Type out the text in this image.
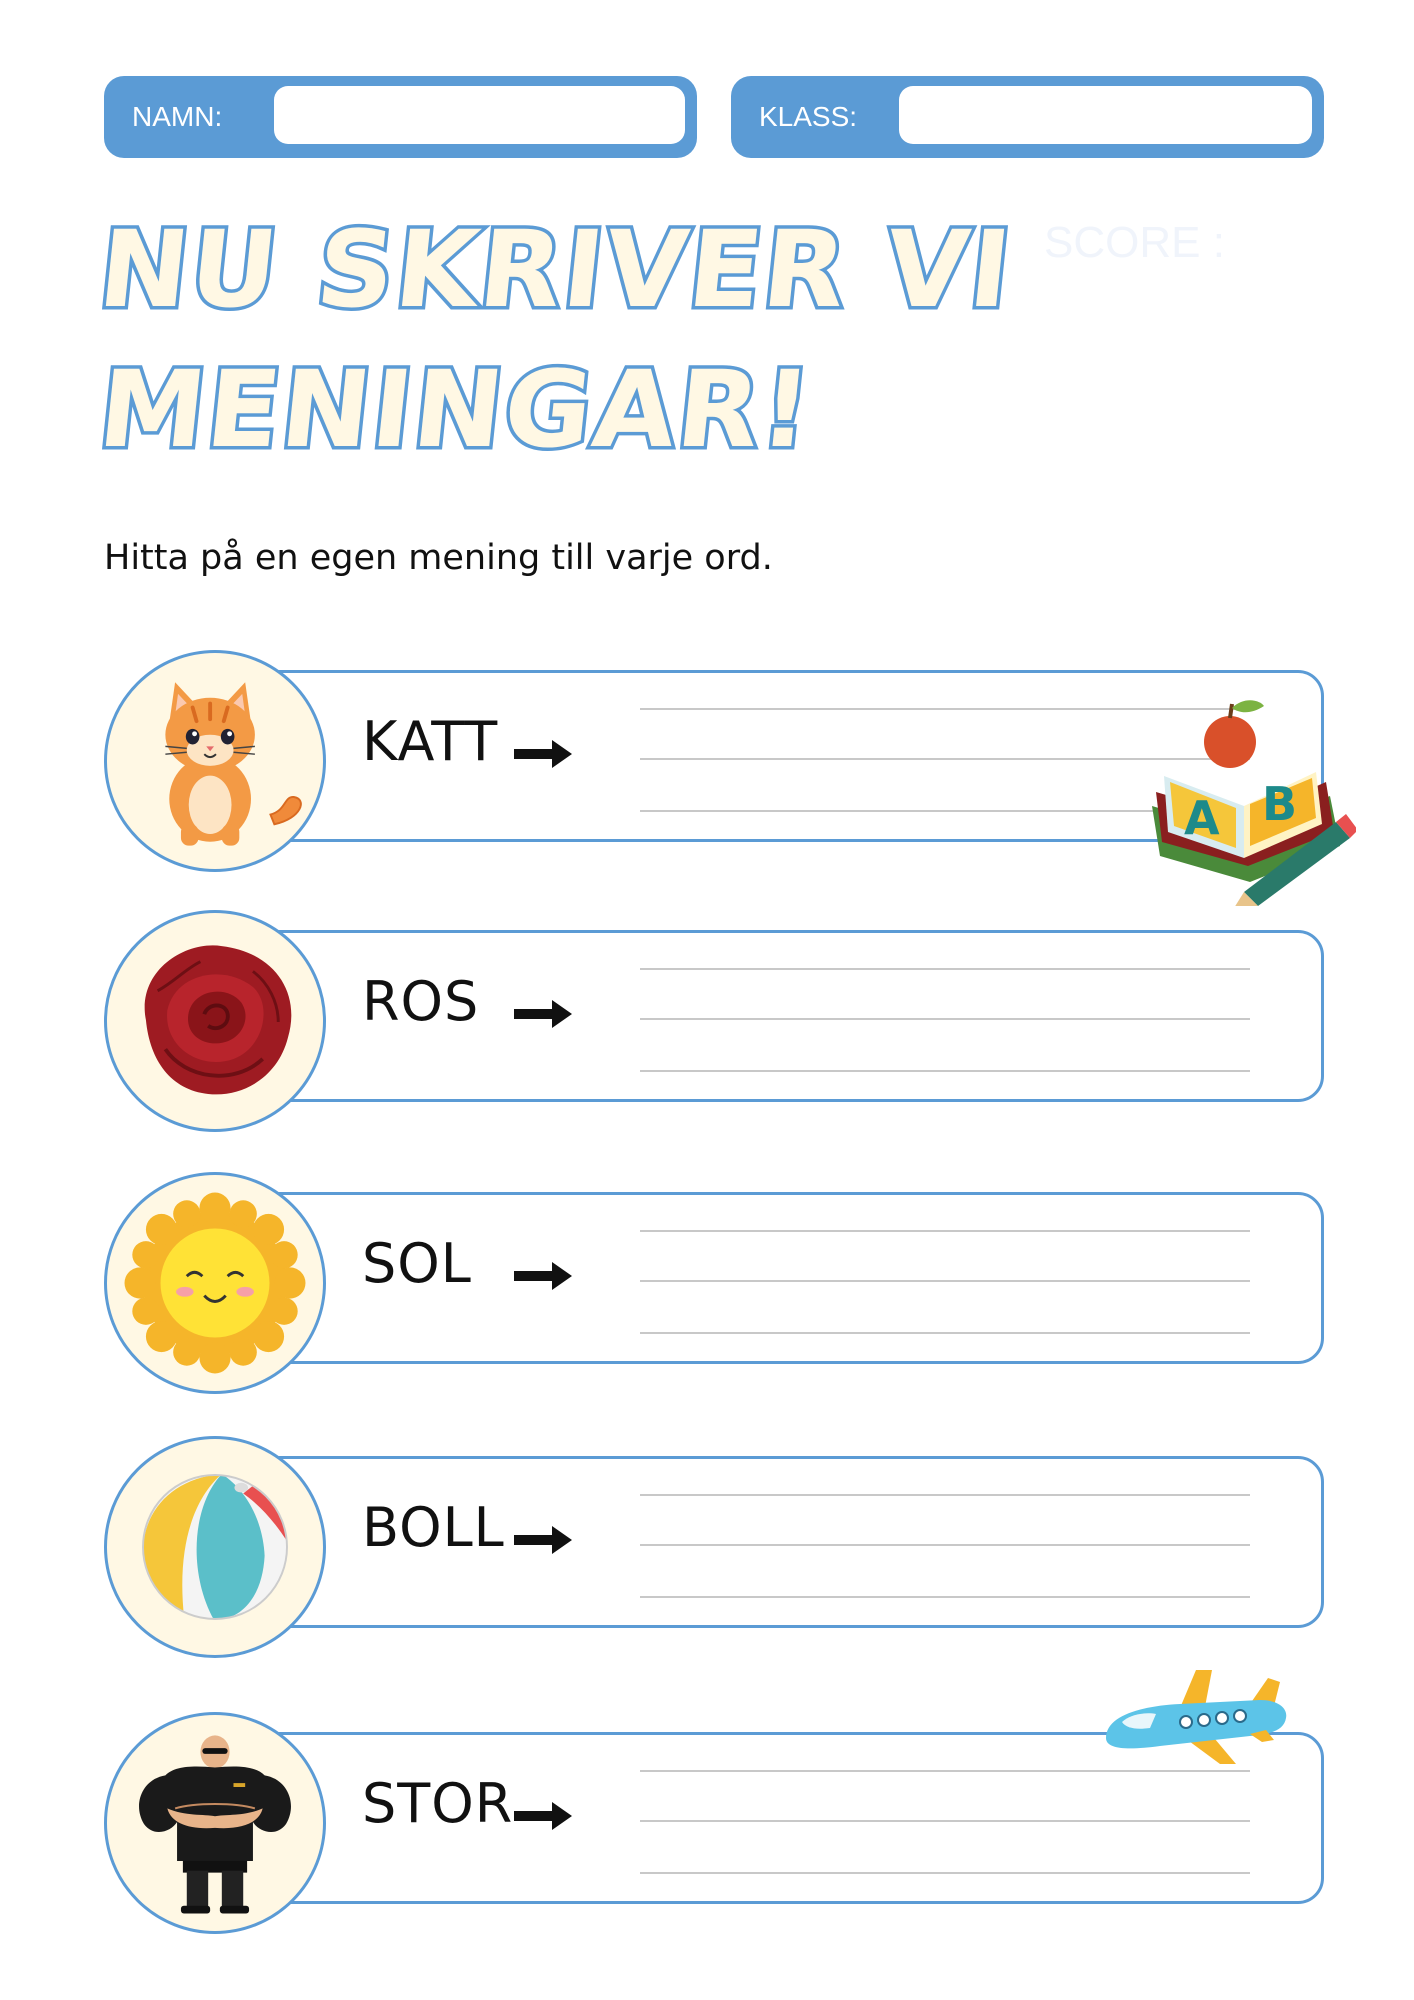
NAMN:	KLASS:
NU SKRIVER VI
MENINGAR!
SCORE :
Hitta på en egen mening till varje ord.
KATT
ROS
SOL
BOLL
STOR
A B
